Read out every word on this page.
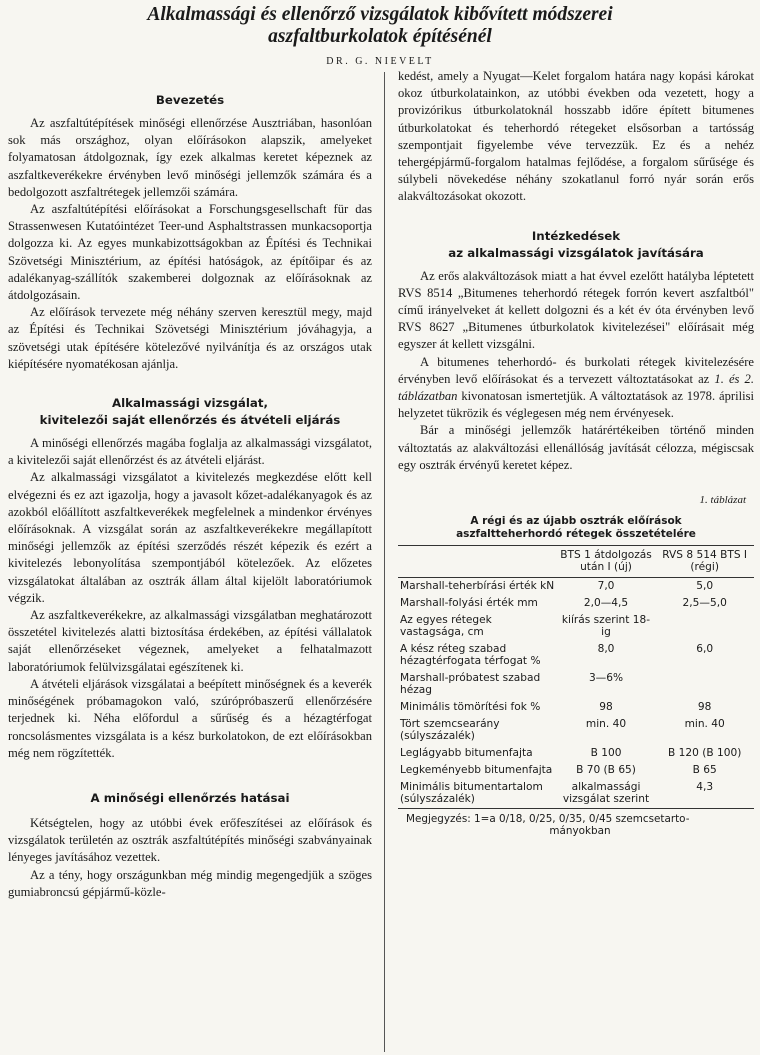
Alkalmassági és ellenőrző vizsgálatok kibővített módszerei
aszfaltburkolatok építésénél
DR. G. NIEVELT
Bevezetés

Az aszfaltútépítések minőségi ellenőrzése Ausztriában, hasonlóan sok más országhoz, olyan előírásokon alapszik, amelyeket folyamatosan átdolgoznak, így ezek alkalmas keretet képeznek az aszfaltkeverékekre érvényben levő minőségi jellemzők számára és a bedolgozott aszfaltrétegek jellemzői számára.

Az aszfaltútépítési előírásokat a Forschungsgesellschaft für das Strassenwesen Kutatóintézet Teer-und Asphaltstrassen munkacsoportja dolgozza ki. Az egyes munkabizottságokban az Építési és Technikai Szövetségi Minisztérium, az építési hatóságok, az építőipar és az adalékanyag-szállítók szakemberei dolgoznak az előírásoknak az átdolgozásain.

Az előírások tervezete még néhány szerven keresztül megy, majd az Építési és Technikai Szövetségi Minisztérium jóváhagyja, a szövetségi utak építésére kötelezővé nyilvánítja és az országos utak kiépítésére nyomatékosan ajánlja.

Alkalmassági vizsgálat,
kivitelezői saját ellenőrzés és átvételi eljárás

A minőségi ellenőrzés magába foglalja az alkalmassági vizsgálatot, a kivitelezői saját ellenőrzést és az átvételi eljárást.

Az alkalmassági vizsgálatot a kivitelezés megkezdése előtt kell elvégezni és ez azt igazolja, hogy a javasolt kőzet-adalékanyagok és az azokból előállított aszfaltkeverékek megfelelnek a mindenkor érvényes előírásoknak. A vizsgálat során az aszfaltkeverékekre megállapított minőségi jellemzők az építési szerződés részét képezik és ezért a kivitelezés lebonyolítása szempontjából kötelezőek. Az előzetes vizsgálatokat általában az osztrák állam által kijelölt laboratóriumok végzik.

Az aszfaltkeverékekre, az alkalmassági vizsgálatban meghatározott összetétel kivitelezés alatti biztosítása érdekében, az építési vállalatok saját ellenőrzéseket végeznek, amelyeket a felhatalmazott laboratóriumok felülvizsgálatai egészítenek ki.

A átvételi eljárások vizsgálatai a beépített minőségnek és a keverék minőségének próbamagokon való, szúrópróbaszerű ellenőrzésére terjednek ki. Néha előfordul a sűrűség és a hézagtérfogat roncsolásmentes vizsgálata is a kész burkolatokon, de ezt előírásokban még nem rögzítették.

A minőségi ellenőrzés hatásai

Kétségtelen, hogy az utóbbi évek erőfeszítései az előírások és vizsgálatok területén az osztrák aszfaltútépítés minőségi szabványainak lényeges javításához vezettek.

Az a tény, hogy országunkban még mindig megengedjük a szöges gumiabroncsú gépjármű-közle-

kedést, amely a Nyugat—Kelet forgalom határa nagy kopási károkat okoz útburkolatainkon, az utóbbi években oda vezetett, hogy a provizórikus útburkolatoknál hosszabb időre épített bitumenes útburkolatokat és teherhordó rétegeket elsősorban a tartósság szempontjait figyelembe véve tervezzük. Ez és a nehéz tehergépjármű-forgalom hatalmas fejlődése, a forgalom sűrűsége és súlybeli növekedése néhány szokatlanul forró nyár során erős alakváltozásokat okozott.

Intézkedések
az alkalmassági vizsgálatok javítására

Az erős alakváltozások miatt a hat évvel ezelőtt hatályba léptetett RVS 8514 „Bitumenes teherhordó rétegek forrón kevert aszfaltból" című irányelveket át kellett dolgozni és a két év óta érvényben levő RVS 8627 „Bitumenes útburkolatok kivitelezései" előírásait még egyszer át kellett vizsgálni.

A bitumenes teherhordó- és burkolati rétegek kivitelezésére érvényben levő előírásokat és a tervezett változtatásokat az 1. és 2. táblázatban kivonatosan ismertetjük. A változtatások az 1978. áprilisi helyzetet tükrözik és véglegesen még nem érvényesek.

Bár a minőségi jellemzők határértékeiben történő minden változtatás az alakváltozási ellenállóság javítását célozza, mégiscsak egy osztrák érvényű keretet képez.

1. táblázat
A régi és az újabb osztrák előírások
aszfaltteherhordó rétegek összetételére
	BTS 1 átdolgozás után I (új)	RVS 8 514 BTS I (régi)
Marshall-teherbírási érték kN	7,0	5,0
Marshall-folyási érték mm	2,0—4,5	2,5—5,0
Az egyes rétegek vastagsága, cm	kiírás szerint 18-ig	
A kész réteg szabad hézagtérfogata térfogat %	8,0	6,0
Marshall-próbatest szabad hézag	3—6%	
Minimális tömörítési fok %	98	98
Tört szemcsearány (súlyszázalék)	min. 40	min. 40
Leglágyabb bitumenfajta	B 100	B 120 (B 100)
Legkeményebb bitumenfajta	B 70 (B 65)	B 65
Minimális bitumentartalom (súlyszázalék)	alkalmassági vizsgálat szerint	4,3
Megjegyzés: 1=a 0/18, 0/25, 0/35, 0/45 szemcsetarto-
mányokban
